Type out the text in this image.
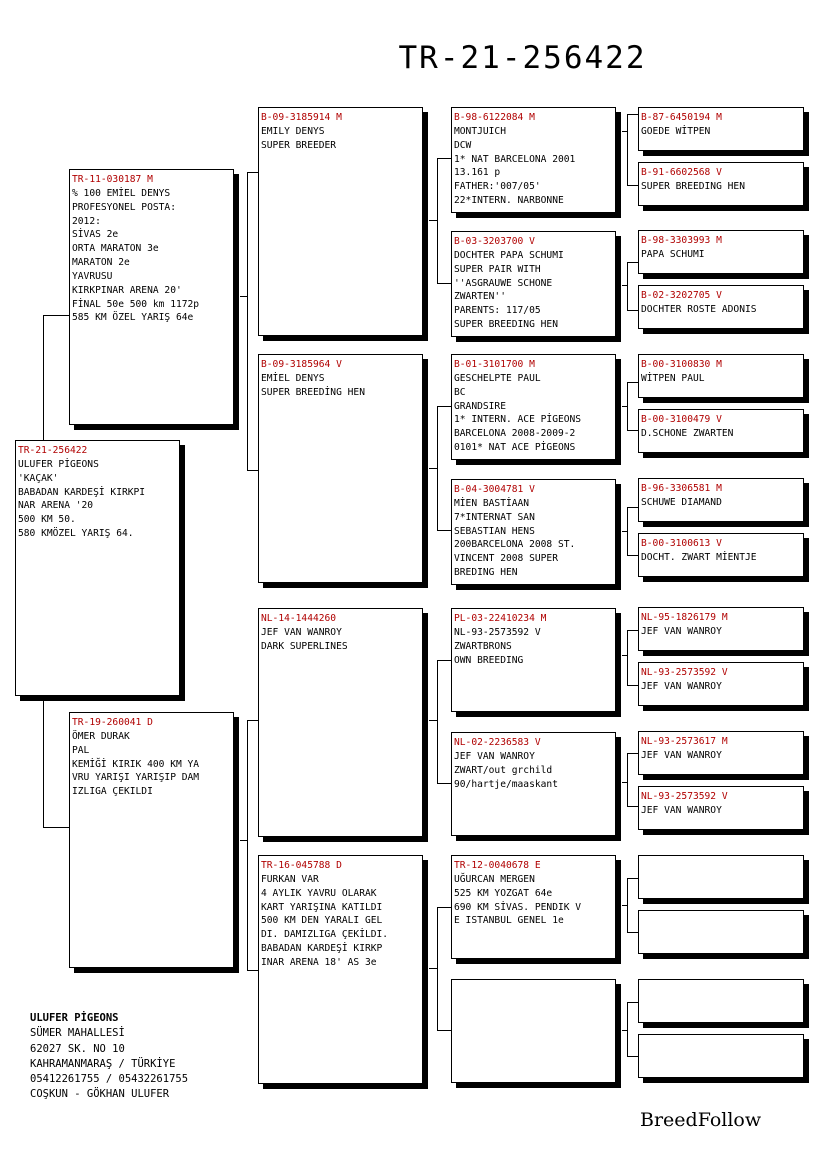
TR-21-256422
TR-21-256422
ULUFER PİGEONS
'KAÇAK'
BABADAN KARDEŞİ KIRKPI
NAR ARENA '20
500 KM 50.
580 KMÖZEL YARIŞ 64.
TR-11-030187 M
% 100 EMİEL DENYS
PROFESYONEL POSTA:
2012:
SİVAS 2e
ORTA MARATON 3e
MARATON 2e
YAVRUSU
KIRKPINAR ARENA 20'
FİNAL 50e 500 km 1172p
585 KM ÖZEL YARIŞ 64e
TR-19-260041 D
ÖMER DURAK
PAL
KEMİĞİ KIRIK 400 KM YA
VRU YARIŞI YARIŞIP DAM
IZLIGA ÇEKILDI
B-09-3185914 M
EMILY DENYS
SUPER BREEDER
B-09-3185964 V
EMİEL DENYS
SUPER BREEDİNG HEN
NL-14-1444260
JEF VAN WANROY
DARK SUPERLINES
TR-16-045788 D
FURKAN VAR
4 AYLIK YAVRU OLARAK
KART YARIŞINA KATILDI
500 KM DEN YARALI GEL
DI. DAMIZLIGA ÇEKİLDI.
BABADAN KARDEŞİ KIRKP
INAR ARENA 18' AS 3e
B-98-6122084 M
MONTJUICH
DCW
1* NAT BARCELONA 2001
13.161 p
FATHER:'007/05'
22*INTERN. NARBONNE
B-03-3203700 V
DOCHTER PAPA SCHUMI
SUPER PAIR WITH
''ASGRAUWE SCHONE
ZWARTEN''
PARENTS: 117/05
SUPER BREEDING HEN
B-01-3101700 M
GESCHELPTE PAUL
BC
GRANDSIRE
1* INTERN. ACE PİGEONS
BARCELONA 2008-2009-2
0101* NAT ACE PİGEONS
B-04-3004781 V
MİEN BASTİAAN
7*INTERNAT SAN
SEBASTIAN HENS
200BARCELONA 2008 ST.
VINCENT 2008 SUPER
BREDING HEN
PL-03-22410234 M
NL-93-2573592 V
ZWARTBRONS
OWN BREEDING
NL-02-2236583 V
JEF VAN WANROY
ZWART/out grchild
90/hartje/maaskant
TR-12-0040678 E
UĞURCAN MERGEN
525 KM YOZGAT 64e
690 KM SİVAS. PENDIK V
E ISTANBUL GENEL 1e
B-87-6450194 M
GOEDE WİTPEN
B-91-6602568 V
SUPER BREEDING HEN
B-98-3303993 M
PAPA SCHUMI
B-02-3202705 V
DOCHTER ROSTE ADONIS
B-00-3100830 M
WİTPEN PAUL
B-00-3100479 V
D.SCHONE ZWARTEN
B-96-3306581 M
SCHUWE DIAMAND
B-00-3100613 V
DOCHT. ZWART MİENTJE
NL-95-1826179 M
JEF VAN WANROY
NL-93-2573592 V
JEF VAN WANROY
NL-93-2573617 M
JEF VAN WANROY
NL-93-2573592 V
JEF VAN WANROY
ULUFER PİGEONS
SÜMER MAHALLESİ
62027 SK. NO 10
KAHRAMANMARAŞ / TÜRKİYE
05412261755 / 05432261755
COŞKUN - GÖKHAN ULUFER
BreedFollow
